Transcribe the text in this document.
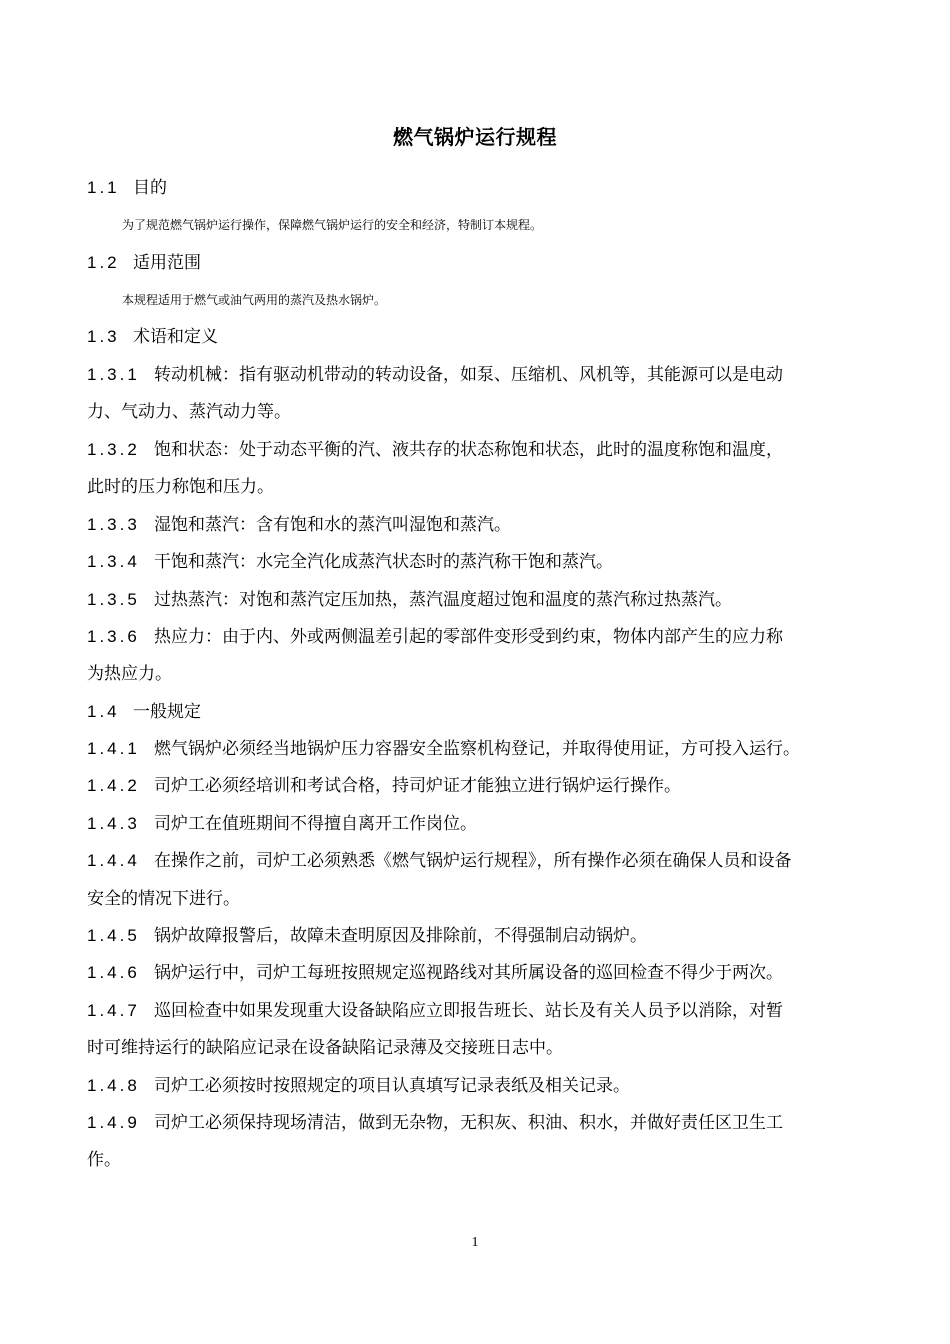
燃气锅炉运行规程
1.1 目的
为了规范燃气锅炉运行操作，保障燃气锅炉运行的安全和经济，特制订本规程。
1.2 适用范围
本规程适用于燃气或油气两用的蒸汽及热水锅炉。
1.3 术语和定义
1.3.1 转动机械：指有驱动机带动的转动设备，如泵、压缩机、风机等，其能源可以是电动
力、气动力、蒸汽动力等。
1.3.2 饱和状态：处于动态平衡的汽、液共存的状态称饱和状态，此时的温度称饱和温度，
此时的压力称饱和压力。
1.3.3 湿饱和蒸汽：含有饱和水的蒸汽叫湿饱和蒸汽。
1.3.4 干饱和蒸汽：水完全汽化成蒸汽状态时的蒸汽称干饱和蒸汽。
1.3.5 过热蒸汽：对饱和蒸汽定压加热，蒸汽温度超过饱和温度的蒸汽称过热蒸汽。
1.3.6 热应力：由于内、外或两侧温差引起的零部件变形受到约束，物体内部产生的应力称
为热应力。
1.4 一般规定
1.4.1 燃气锅炉必须经当地锅炉压力容器安全监察机构登记，并取得使用证，方可投入运行。
1.4.2 司炉工必须经培训和考试合格，持司炉证才能独立进行锅炉运行操作。
1.4.3 司炉工在值班期间不得擅自离开工作岗位。
1.4.4 在操作之前，司炉工必须熟悉《燃气锅炉运行规程》，所有操作必须在确保人员和设备
安全的情况下进行。
1.4.5 锅炉故障报警后，故障未查明原因及排除前，不得强制启动锅炉。
1.4.6 锅炉运行中，司炉工每班按照规定巡视路线对其所属设备的巡回检查不得少于两次。
1.4.7 巡回检查中如果发现重大设备缺陷应立即报告班长、站长及有关人员予以消除，对暂
时可维持运行的缺陷应记录在设备缺陷记录薄及交接班日志中。
1.4.8 司炉工必须按时按照规定的项目认真填写记录表纸及相关记录。
1.4.9 司炉工必须保持现场清洁，做到无杂物，无积灰、积油、积水，并做好责任区卫生工
作。
1
